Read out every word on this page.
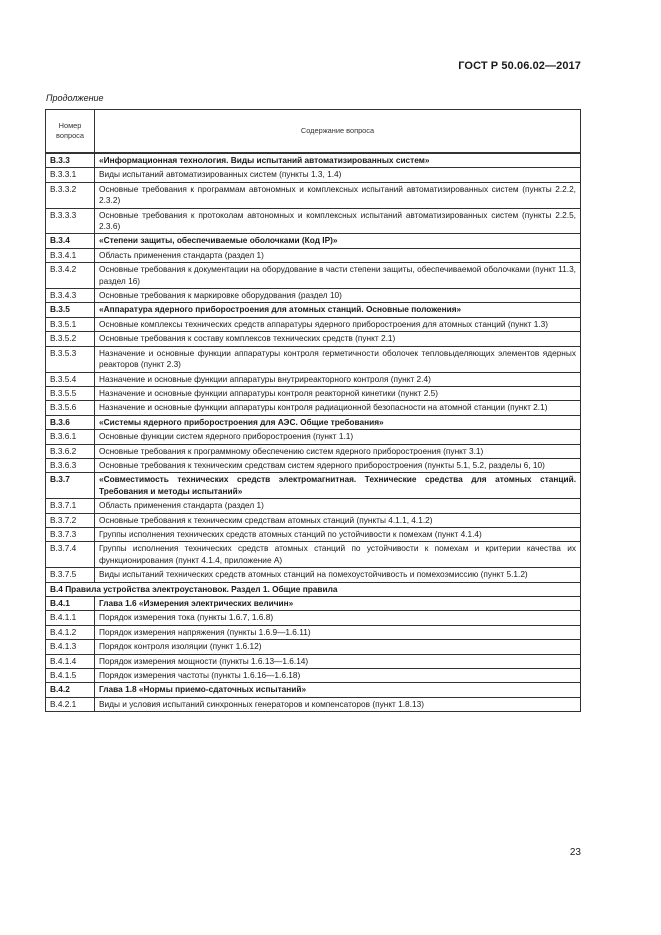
ГОСТ Р 50.06.02—2017
Продолжение
Номер вопроса	Содержание вопроса
В.3.3	«Информационная технология. Виды испытаний автоматизированных систем»
В.3.3.1	Виды испытаний автоматизированных систем (пункты 1.3, 1.4)
В.3.3.2	Основные требования к программам автономных и комплексных испытаний автоматизированных систем (пункты 2.2.2, 2.3.2)
В.3.3.3	Основные требования к протоколам автономных и комплексных испытаний автоматизированных систем (пункты 2.2.5, 2.3.6)
В.3.4	«Степени защиты, обеспечиваемые оболочками (Код IP)»
В.3.4.1	Область применения стандарта (раздел 1)
В.3.4.2	Основные требования к документации на оборудование в части степени защиты, обеспечиваемой оболочками (пункт 11.3, раздел 16)
В.3.4.3	Основные требования к маркировке оборудования (раздел 10)
В.3.5	«Аппаратура ядерного приборостроения для атомных станций. Основные положения»
В.3.5.1	Основные комплексы технических средств аппаратуры ядерного приборостроения для атомных станций (пункт 1.3)
В.3.5.2	Основные требования к составу комплексов технических средств (пункт 2.1)
В.3.5.3	Назначение и основные функции аппаратуры контроля герметичности оболочек тепловыделяющих элементов ядерных реакторов (пункт 2.3)
В.3.5.4	Назначение и основные функции аппаратуры внутриреакторного контроля (пункт 2.4)
В.3.5.5	Назначение и основные функции аппаратуры контроля реакторной кинетики (пункт 2.5)
В.3.5.6	Назначение и основные функции аппаратуры контроля радиационной безопасности на атомной станции (пункт 2.1)
В.3.6	«Системы ядерного приборостроения для АЭС. Общие требования»
В.3.6.1	Основные функции систем ядерного приборостроения (пункт 1.1)
В.3.6.2	Основные требования к программному обеспечению систем ядерного приборостроения (пункт 3.1)
В.3.6.3	Основные требования к техническим средствам систем ядерного приборостроения (пункты 5.1, 5.2, разделы 6, 10)
В.3.7	«Совместимость технических средств электромагнитная. Технические средства для атомных станций. Требования и методы испытаний»
В.3.7.1	Область применения стандарта (раздел 1)
В.3.7.2	Основные требования к техническим средствам атомных станций (пункты 4.1.1, 4.1.2)
В.3.7.3	Группы исполнения технических средств атомных станций по устойчивости к помехам (пункт 4.1.4)
В.3.7.4	Группы исполнения технических средств атомных станций по устойчивости к помехам и критерии качества их функционирования (пункт 4.1.4, приложение А)
В.3.7.5	Виды испытаний технических средств атомных станций на помехоустойчивость и помехоэмиссию (пункт 5.1.2)
В.4 Правила устройства электроустановок. Раздел 1. Общие правила	
В.4.1	Глава 1.6 «Измерения электрических величин»
В.4.1.1	Порядок измерения тока (пункты 1.6.7, 1.6.8)
В.4.1.2	Порядок измерения напряжения (пункты 1.6.9—1.6.11)
В.4.1.3	Порядок контроля изоляции (пункт 1.6.12)
В.4.1.4	Порядок измерения мощности (пункты 1.6.13—1.6.14)
В.4.1.5	Порядок измерения частоты (пункты 1.6.16—1.6.18)
В.4.2	Глава 1.8 «Нормы приемо-сдаточных испытаний»
В.4.2.1	Виды и условия испытаний синхронных генераторов и компенсаторов (пункт 1.8.13)
23
